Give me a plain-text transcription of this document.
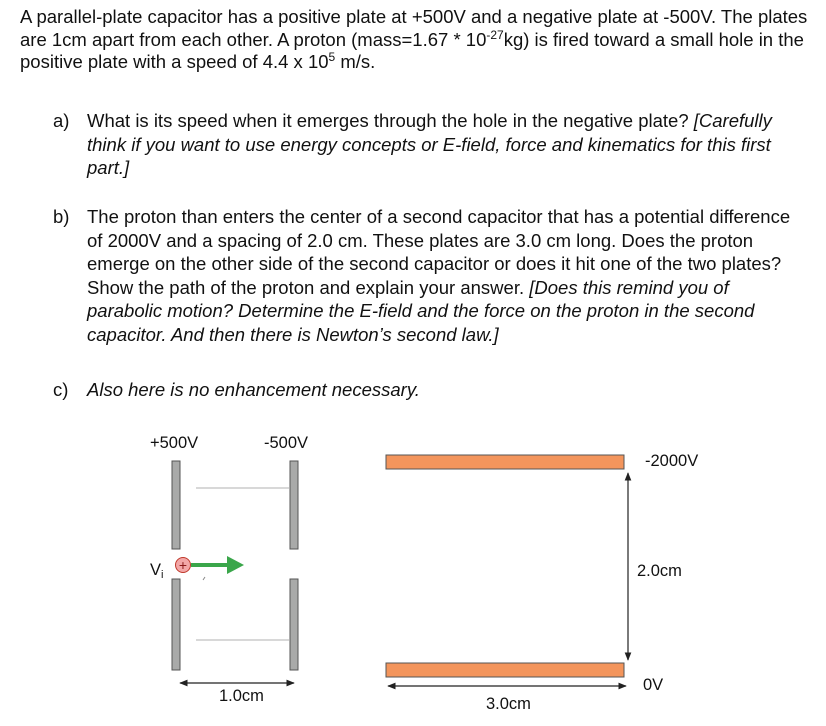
A parallel-plate capacitor has a positive plate at +500V and a negative plate at -500V. The plates are 1cm apart from each other. A proton (mass=1.67 * $10^{-27}kg$) is fired toward a small hole in the positive plate with a speed of 4.4 x $10^5$ m/s.

a) What is its speed when it emerges through the hole in the negative plate? [Carefully think if you want to use energy concepts or E-field, force and kinematics for this first part.]
b) The proton than enters the center of a second capacitor that has a potential difference of 2000V and a spacing of 2.0 cm. These plates are 3.0 cm long. Does the proton emerge on the other side of the second capacitor or does it hit one of the two plates? Show the path of the proton and explain your answer. [Does this remind you of parabolic motion? Determine the E-field and the force on the proton in the second capacitor. And then there is Newton’s second law.]
c)	Also here is no enhancement necessary.
+500V	-500V
Vi
+
1.0cm
-2000V
0V
2.0cm
3.0cm
